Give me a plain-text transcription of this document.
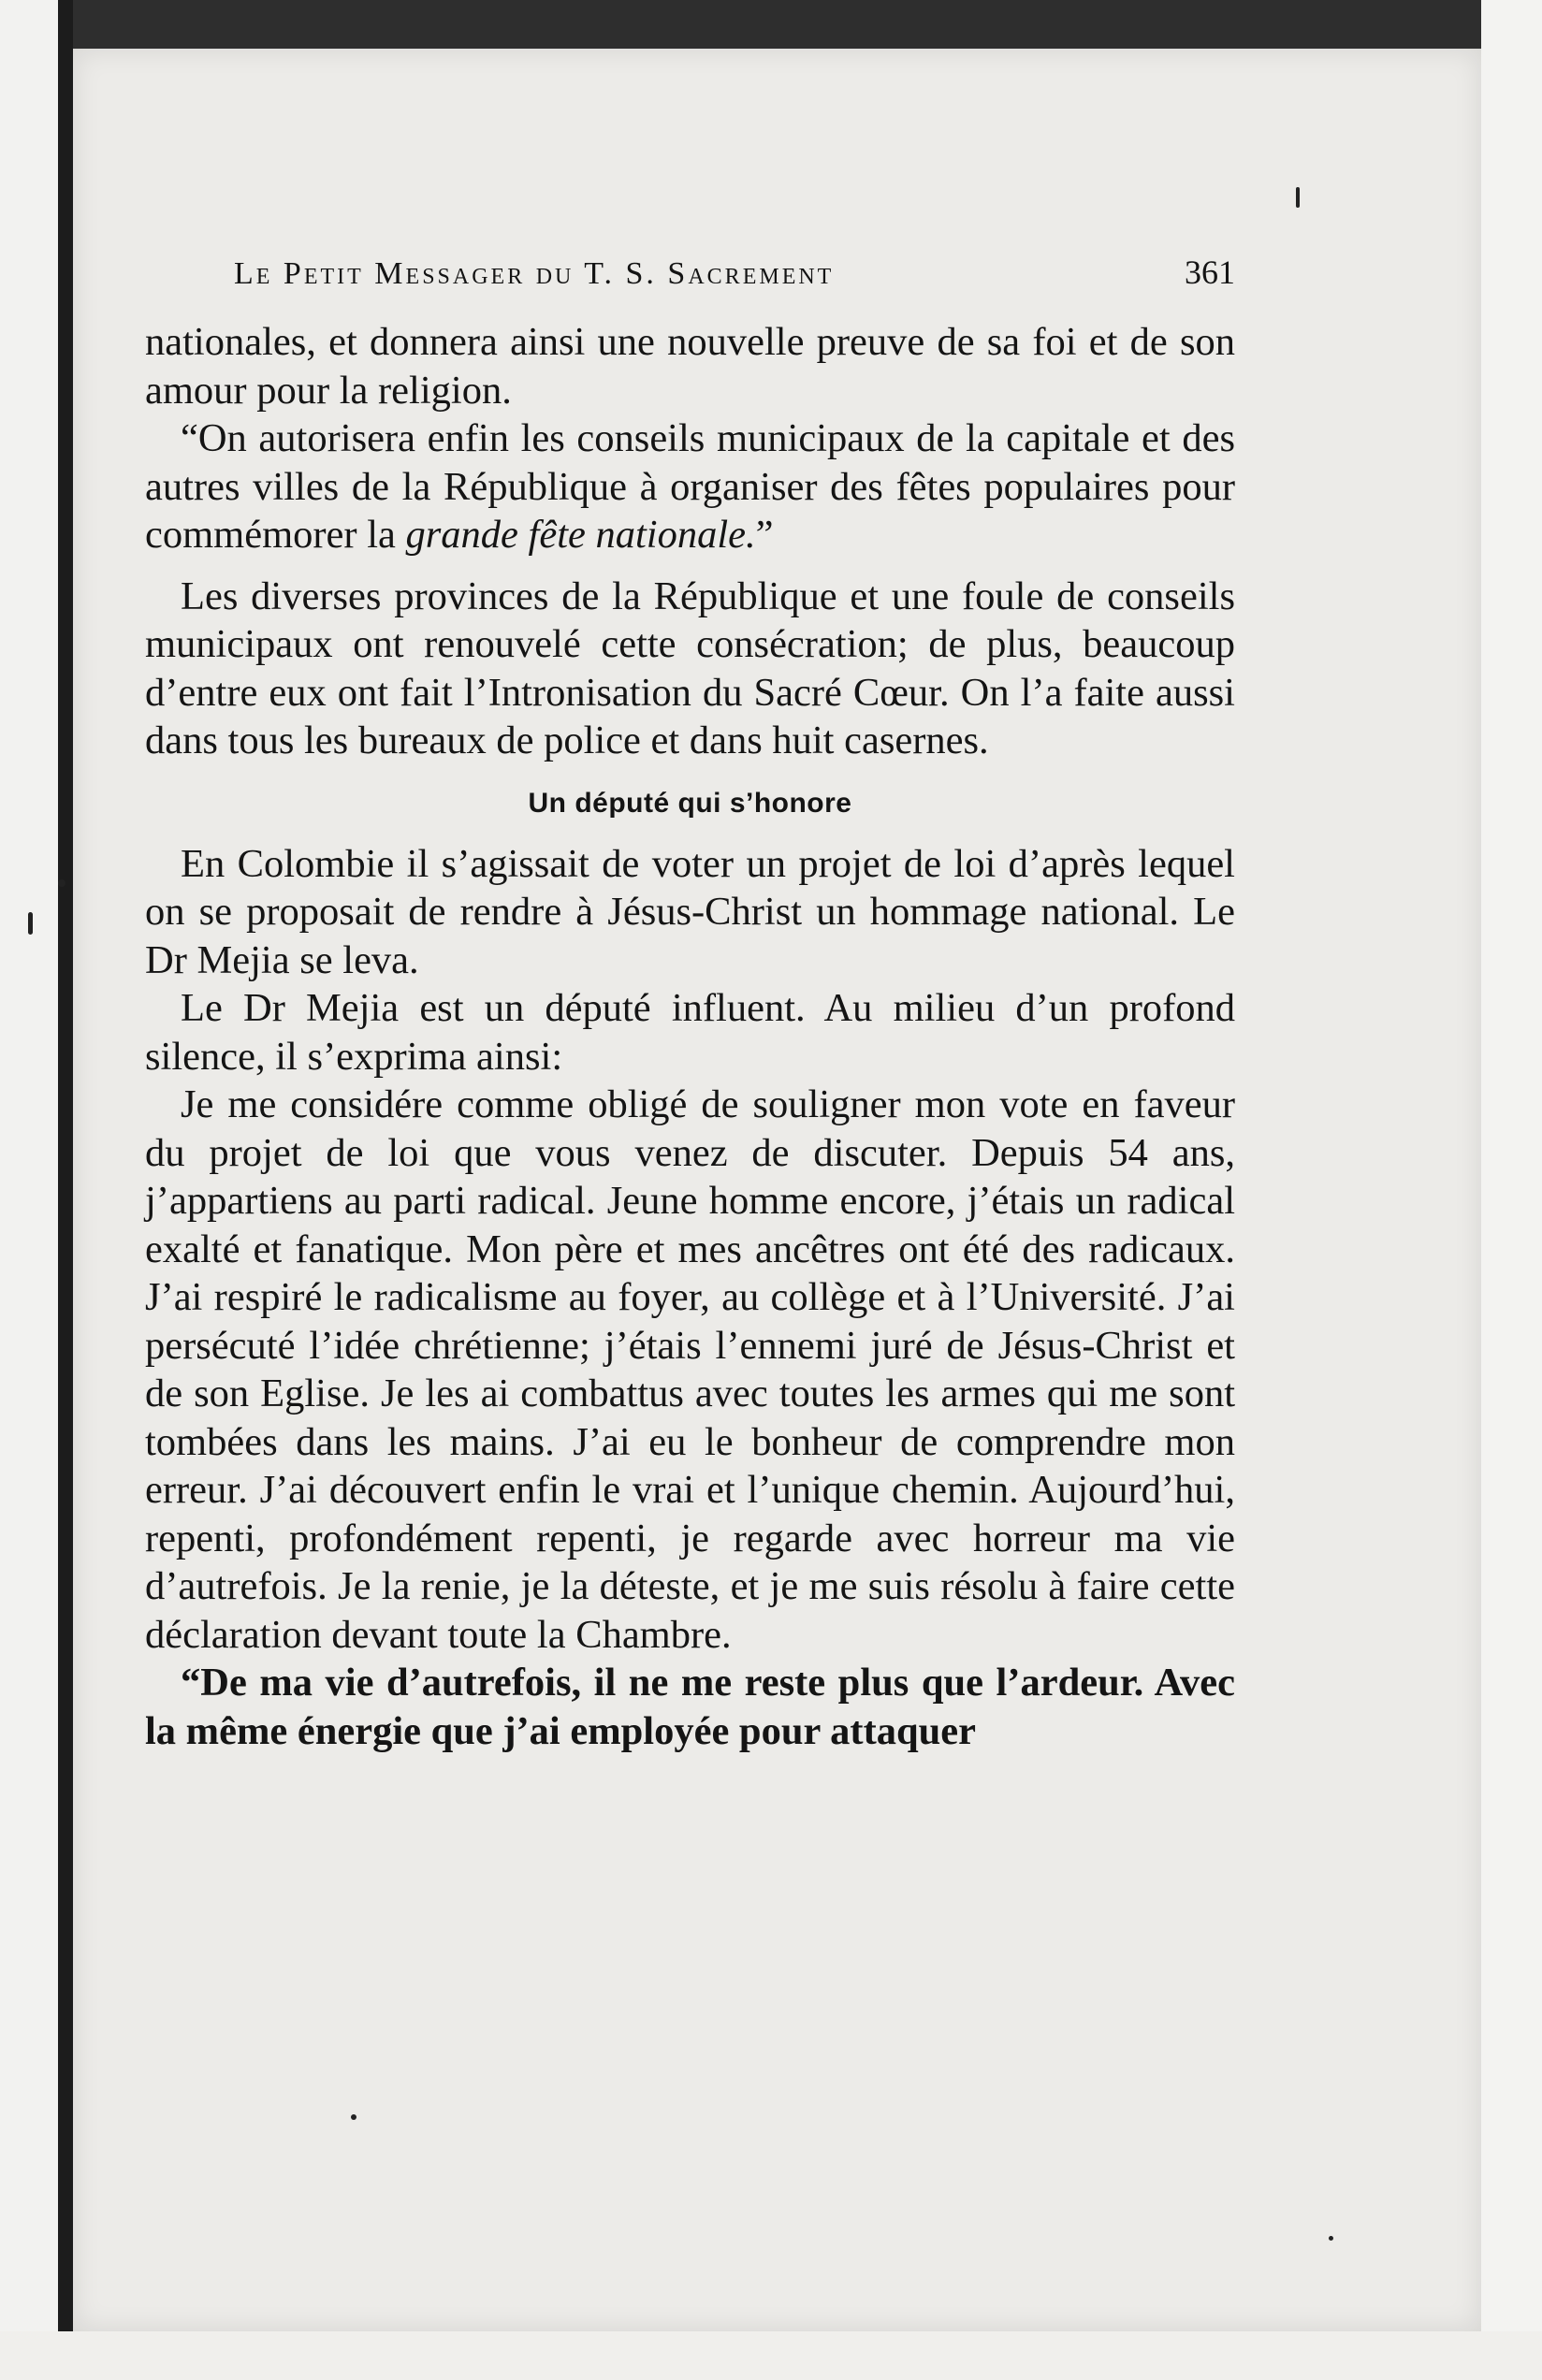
Le Petit Messager du T. S. Sacrement	361

nationales, et donnera ainsi une nouvelle preuve de sa foi et de son amour pour la religion.

“On autorisera enfin les conseils municipaux de la capitale et des autres villes de la République à organiser des fêtes populaires pour commémorer la grande fête nationale.”

Les diverses provinces de la République et une foule de conseils municipaux ont renouvelé cette consécration; de plus, beaucoup d’entre eux ont fait l’Intronisation du Sacré Cœur. On l’a faite aussi dans tous les bureaux de police et dans huit casernes.

Un député qui s’honore

En Colombie il s’agissait de voter un projet de loi d’après lequel on se proposait de rendre à Jésus-Christ un hommage national. Le Dr Mejia se leva.

Le Dr Mejia est un député influent. Au milieu d’un profond silence, il s’exprima ainsi:

Je me considére comme obligé de souligner mon vote en faveur du projet de loi que vous venez de discuter. Depuis 54 ans, j’appartiens au parti radical. Jeune homme encore, j’étais un radical exalté et fanatique. Mon père et mes ancêtres ont été des radicaux. J’ai respiré le radicalisme au foyer, au collège et à l’Université. J’ai persécuté l’idée chrétienne; j’étais l’ennemi juré de Jésus-Christ et de son Eglise. Je les ai combattus avec toutes les armes qui me sont tombées dans les mains. J’ai eu le bonheur de comprendre mon erreur. J’ai découvert enfin le vrai et l’unique chemin. Aujourd’hui, repenti, profondément repenti, je regarde avec horreur ma vie d’autrefois. Je la renie, je la déteste, et je me suis résolu à faire cette déclaration devant toute la Chambre.

“De ma vie d’autrefois, il ne me reste plus que l’ardeur. Avec la même énergie que j’ai employée pour attaquer
